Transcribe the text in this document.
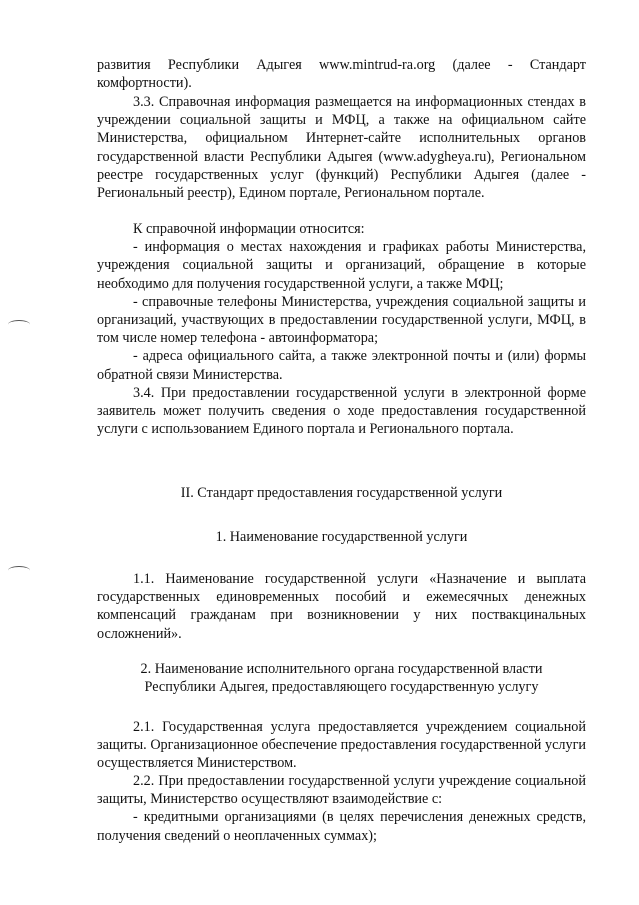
развития Республики Адыгея www.mintrud-ra.org (далее - Стандарт комфортности).

3.3. Справочная информация размещается на информационных стендах в учреждении социальной защиты и МФЦ, а также на официальном сайте Министерства, официальном Интернет-сайте исполнительных органов государственной власти Республики Адыгея (www.adygheya.ru), Региональном реестре государственных услуг (функций) Республики Адыгея (далее - Региональный реестр), Едином портале, Региональном портале.

К справочной информации относится:

- информация о местах нахождения и графиках работы Министерства, учреждения социальной защиты и организаций, обращение в которые необходимо для получения государственной услуги, а также МФЦ;

- справочные телефоны Министерства, учреждения социальной защиты и организаций, участвующих в предоставлении государственной услуги, МФЦ, в том числе номер телефона - автоинформатора;

- адреса официального сайта, а также электронной почты и (или) формы обратной связи Министерства.

3.4. При предоставлении государственной услуги в электронной форме заявитель может получить сведения о ходе предоставления государственной услуги с использованием Единого портала и Регионального портала.

II. Стандарт предоставления государственной услуги

1. Наименование государственной услуги

1.1. Наименование государственной услуги «Назначение и выплата государственных единовременных пособий и ежемесячных денежных компенсаций гражданам при возникновении у них поствакцинальных осложнений».

2. Наименование исполнительного органа государственной власти

Республики Адыгея, предоставляющего государственную услугу

2.1. Государственная услуга предоставляется учреждением социальной защиты. Организационное обеспечение предоставления государственной услуги осуществляется Министерством.

2.2. При предоставлении государственной услуги учреждение социальной защиты, Министерство осуществляют взаимодействие с:

- кредитными организациями (в целях перечисления денежных средств, получения сведений о неоплаченных суммах);
